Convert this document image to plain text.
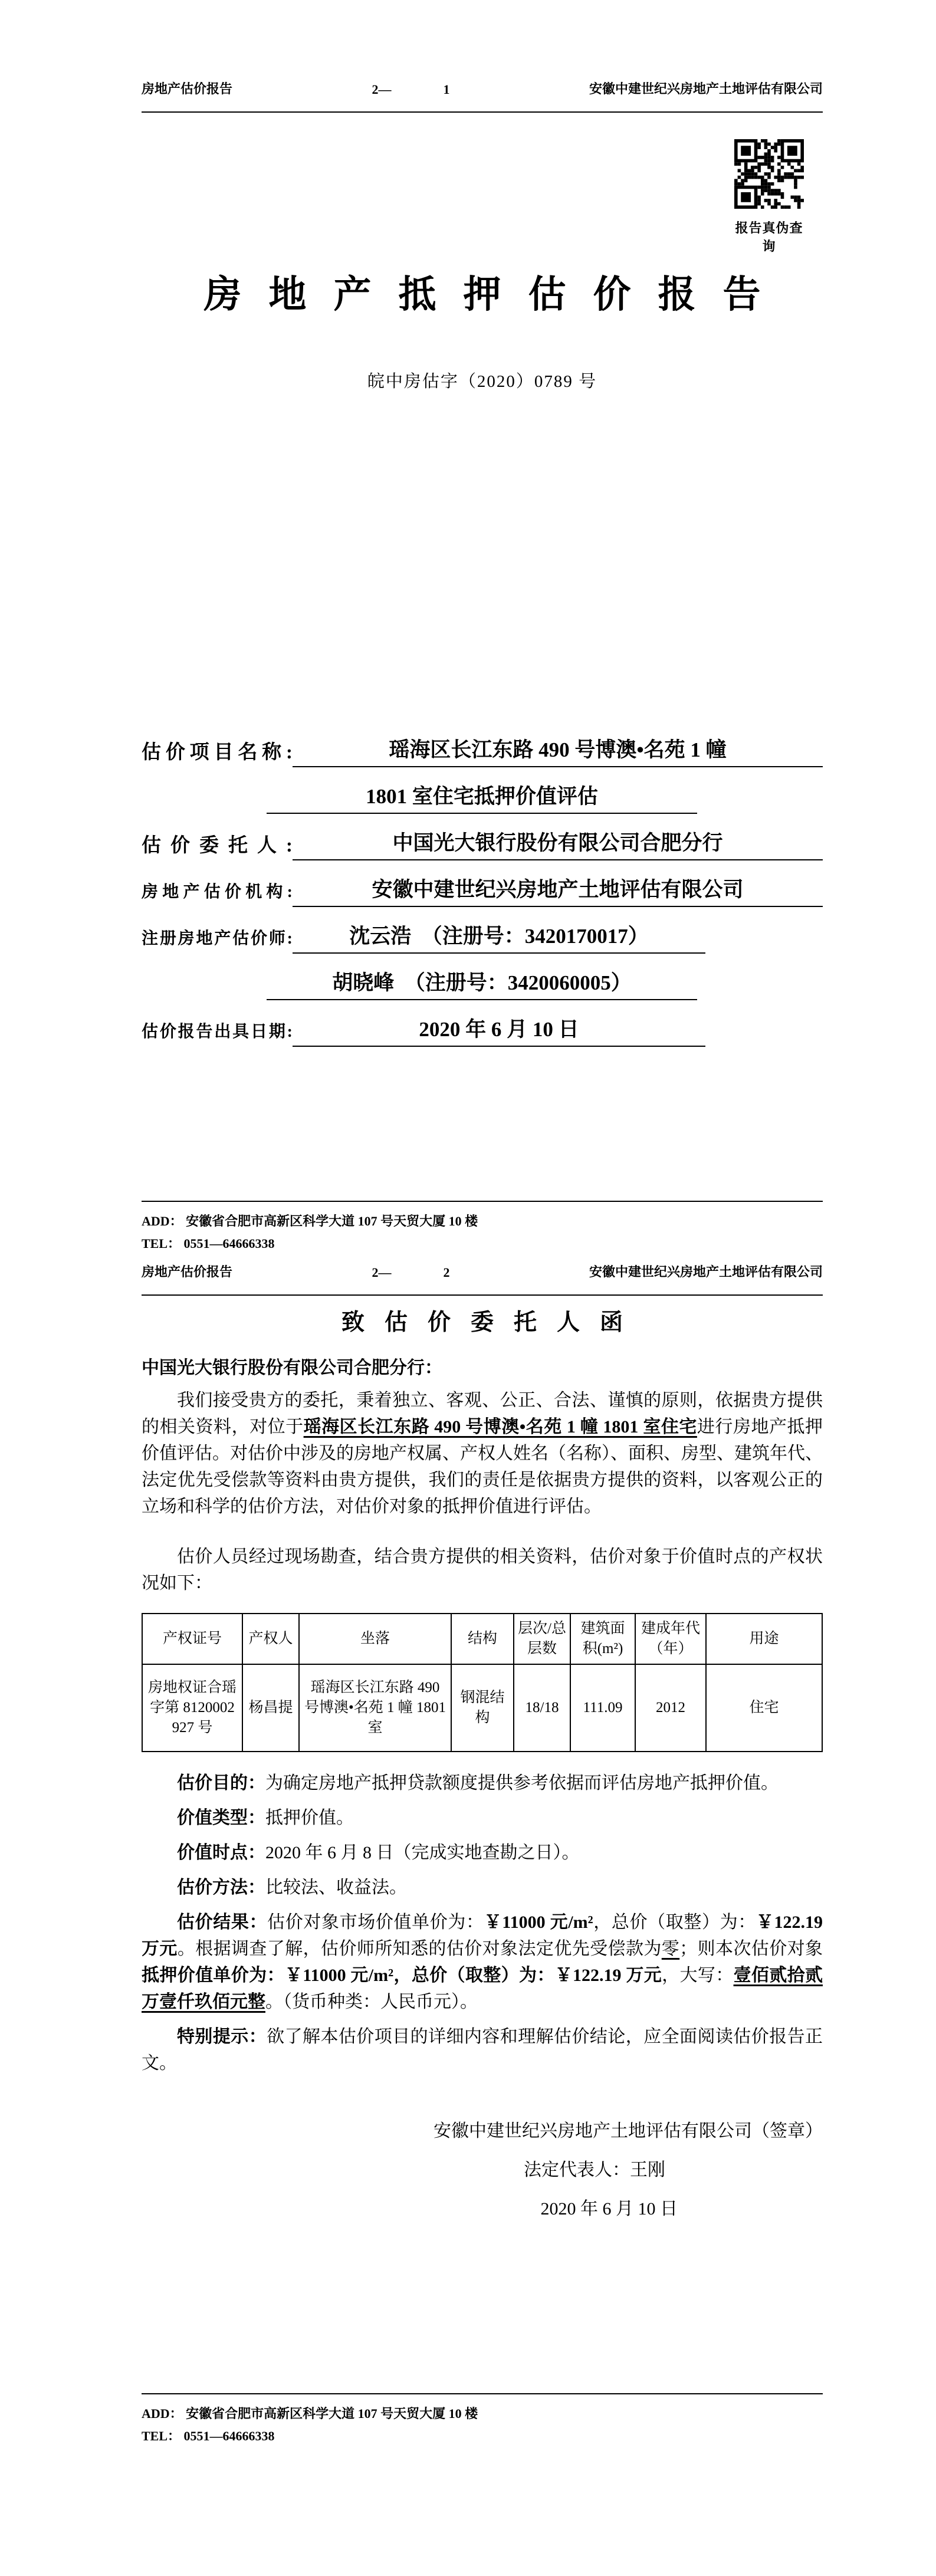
房地产估价报告	2—	1	安徽中建世纪兴房地产土地评估有限公司
报告真伪查询
房地产抵押估价报告
皖中房估字（2020）0789 号
估价项目名称:	瑶海区长江东路 490 号博澳•名苑 1 幢
1801 室住宅抵押价值评估
估价委托人:	中国光大银行股份有限公司合肥分行
房地产估价机构:	安徽中建世纪兴房地产土地评估有限公司
注册房地产估价师:	沈云浩　（注册号：3420170017）
胡晓峰　（注册号：3420060005）
估价报告出具日期:	2020 年 6 月 10 日
ADD： 安徽省合肥市高新区科学大道 107 号天贸大厦 10 楼
TEL： 0551—64666338
房地产估价报告	2—	2	安徽中建世纪兴房地产土地评估有限公司
致估价委托人函
中国光大银行股份有限公司合肥分行：

我们接受贵方的委托，秉着独立、客观、公正、合法、谨慎的原则，依据贵方提供的相关资料，对位于瑶海区长江东路 490 号博澳•名苑 1 幢 1801 室住宅进行房地产抵押价值评估。对估价中涉及的房地产权属、产权人姓名（名称）、面积、房型、建筑年代、法定优先受偿款等资料由贵方提供，我们的责任是依据贵方提供的资料，以客观公正的立场和科学的估价方法，对估价对象的抵押价值进行评估。

估价人员经过现场勘查，结合贵方提供的相关资料，估价对象于价值时点的产权状况如下：

产权证号	产权人	坐落	结构	层次/总层数	建筑面积(m²)	建成年代（年）	用途
房地权证合瑶字第 8120002927 号	杨昌提	瑶海区长江东路 490 号博澳•名苑 1 幢 1801 室	钢混结构	18/18	111.09	2012	住宅

估价目的：为确定房地产抵押贷款额度提供参考依据而评估房地产抵押价值。

价值类型：抵押价值。

价值时点：2020 年 6 月 8 日（完成实地查勘之日）。

估价方法：比较法、收益法。

估价结果：估价对象市场价值单价为：￥11000 元/m²，总价（取整）为：￥122.19 万元。根据调查了解，估价师所知悉的估价对象法定优先受偿款为零；则本次估价对象抵押价值单价为：￥11000 元/m²，总价（取整）为：￥122.19 万元，大写：壹佰贰拾贰万壹仟玖佰元整。（货币种类：人民币元）。

特别提示：欲了解本估价项目的详细内容和理解估价结论，应全面阅读估价报告正文。

安徽中建世纪兴房地产土地评估有限公司（签章）
法定代表人：王刚
2020 年 6 月 10 日
ADD： 安徽省合肥市高新区科学大道 107 号天贸大厦 10 楼
TEL： 0551—64666338
